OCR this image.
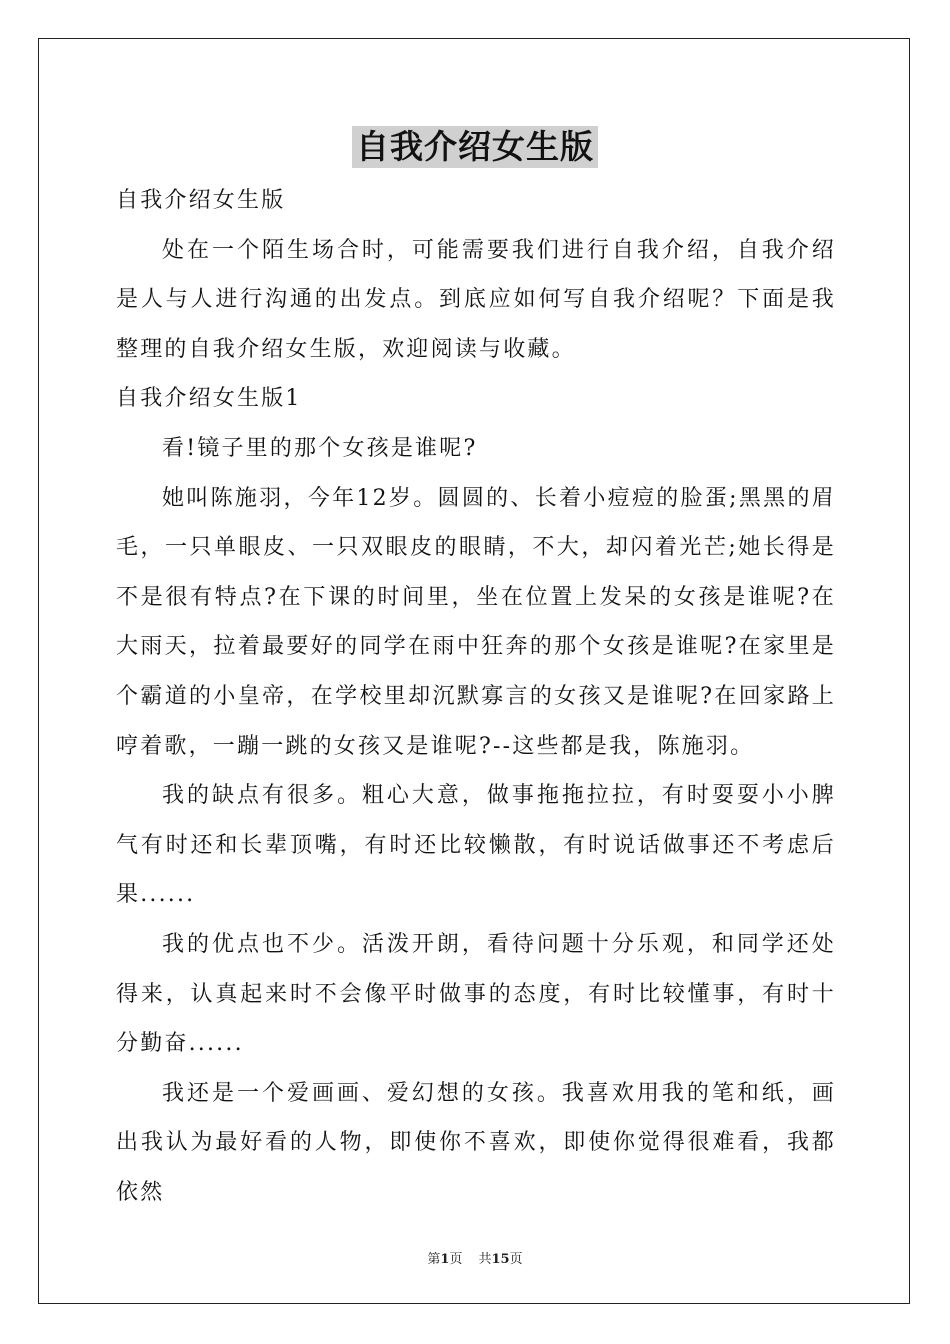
自我介绍女生版

自我介绍女生版

处在一个陌生场合时，可能需要我们进行自我介绍，自我介绍是人与人进行沟通的出发点。到底应如何写自我介绍呢？下面是我整理的自我介绍女生版，欢迎阅读与收藏。

自我介绍女生版1

看!镜子里的那个女孩是谁呢?

她叫陈施羽，今年12岁。圆圆的、长着小痘痘的脸蛋;黑黑的眉毛，一只单眼皮、一只双眼皮的眼睛，不大，却闪着光芒;她长得是不是很有特点?在下课的时间里，坐在位置上发呆的女孩是谁呢?在大雨天，拉着最要好的同学在雨中狂奔的那个女孩是谁呢?在家里是个霸道的小皇帝，在学校里却沉默寡言的女孩又是谁呢?在回家路上哼着歌，一蹦一跳的女孩又是谁呢?--这些都是我，陈施羽。

我的缺点有很多。粗心大意，做事拖拖拉拉，有时耍耍小小脾气有时还和长辈顶嘴，有时还比较懒散，有时说话做事还不考虑后果......

我的优点也不少。活泼开朗，看待问题十分乐观，和同学还处得来，认真起来时不会像平时做事的态度，有时比较懂事，有时十分勤奋......

我还是一个爱画画、爱幻想的女孩。我喜欢用我的笔和纸，画出我认为最好看的人物，即使你不喜欢，即使你觉得很难看，我都依然

第1页 共15页
